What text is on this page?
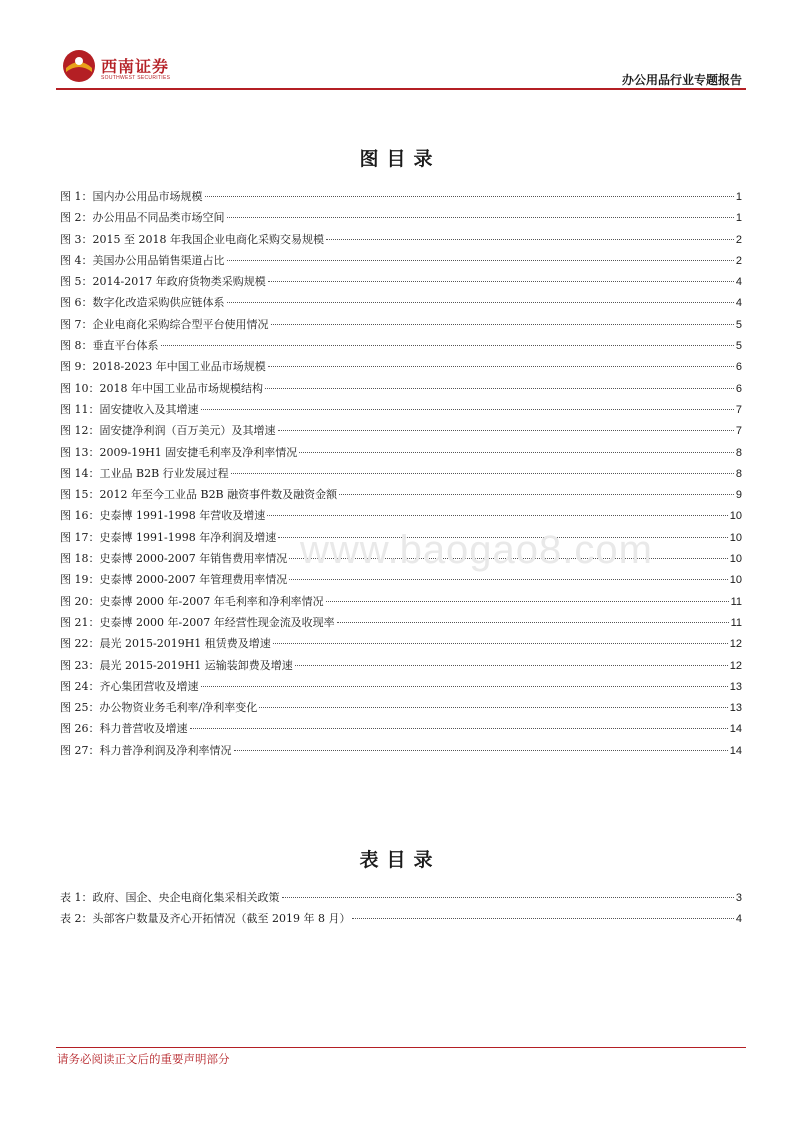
西南证券
SOUTHWEST SECURITIES	办公用品行业专题报告
图目录
图 1：国内办公用品市场规模	1
图 2：办公用品不同品类市场空间	1
图 3：2015 至 2018 年我国企业电商化采购交易规模	2
图 4：美国办公用品销售渠道占比	2
图 5：2014-2017 年政府货物类采购规模	4
图 6：数字化改造采购供应链体系	4
图 7：企业电商化采购综合型平台使用情况	5
图 8：垂直平台体系	5
图 9：2018-2023 年中国工业品市场规模	6
图 10：2018 年中国工业品市场规模结构	6
图 11：固安捷收入及其增速	7
图 12：固安捷净利润（百万美元）及其增速	7
图 13：2009-19H1 固安捷毛利率及净利率情况	8
图 14：工业品 B2B 行业发展过程	8
图 15：2012 年至今工业品 B2B 融资事件数及融资金额	9
图 16：史泰博 1991-1998 年营收及增速	10
图 17：史泰博 1991-1998 年净利润及增速	10
图 18：史泰博 2000-2007 年销售费用率情况	10
图 19：史泰博 2000-2007 年管理费用率情况	10
图 20：史泰博 2000 年-2007 年毛利率和净利率情况	11
图 21：史泰博 2000 年-2007 年经营性现金流及收现率	11
图 22：晨光 2015-2019H1 租赁费及增速	12
图 23：晨光 2015-2019H1 运输装卸费及增速	12
图 24：齐心集团营收及增速	13
图 25：办公物资业务毛利率/净利率变化	13
图 26：科力普营收及增速	14
图 27：科力普净利润及净利率情况	14
www.baogao8.com
表目录
表 1：政府、国企、央企电商化集采相关政策	3
表 2：头部客户数量及齐心开拓情况（截至 2019 年 8 月）	4
请务必阅读正文后的重要声明部分
